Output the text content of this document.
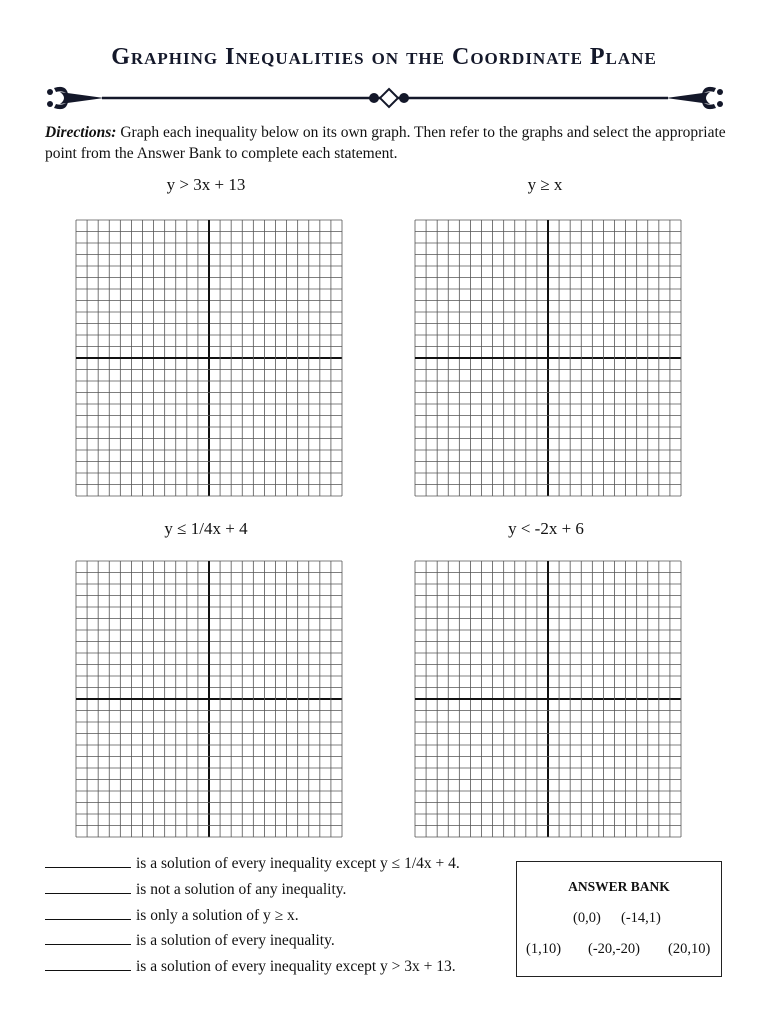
Graphing Inequalities on the Coordinate Plane
Directions: Graph each inequality below on its own graph. Then refer to the graphs and select the appropriate point from the Answer Bank to complete each statement.
y > 3x + 13	y ≥ x
y ≤ 1/4x + 4	y < -2x + 6
is a solution of every inequality except y ≤ 1/4x + 4.
is not a solution of any inequality.
is only a solution of y ≥ x.
is a solution of every inequality.
is a solution of every inequality except y > 3x + 13.
ANSWER BANK
(0,0) (-14,1)
(1,10) (-20,-20) (20,10)
